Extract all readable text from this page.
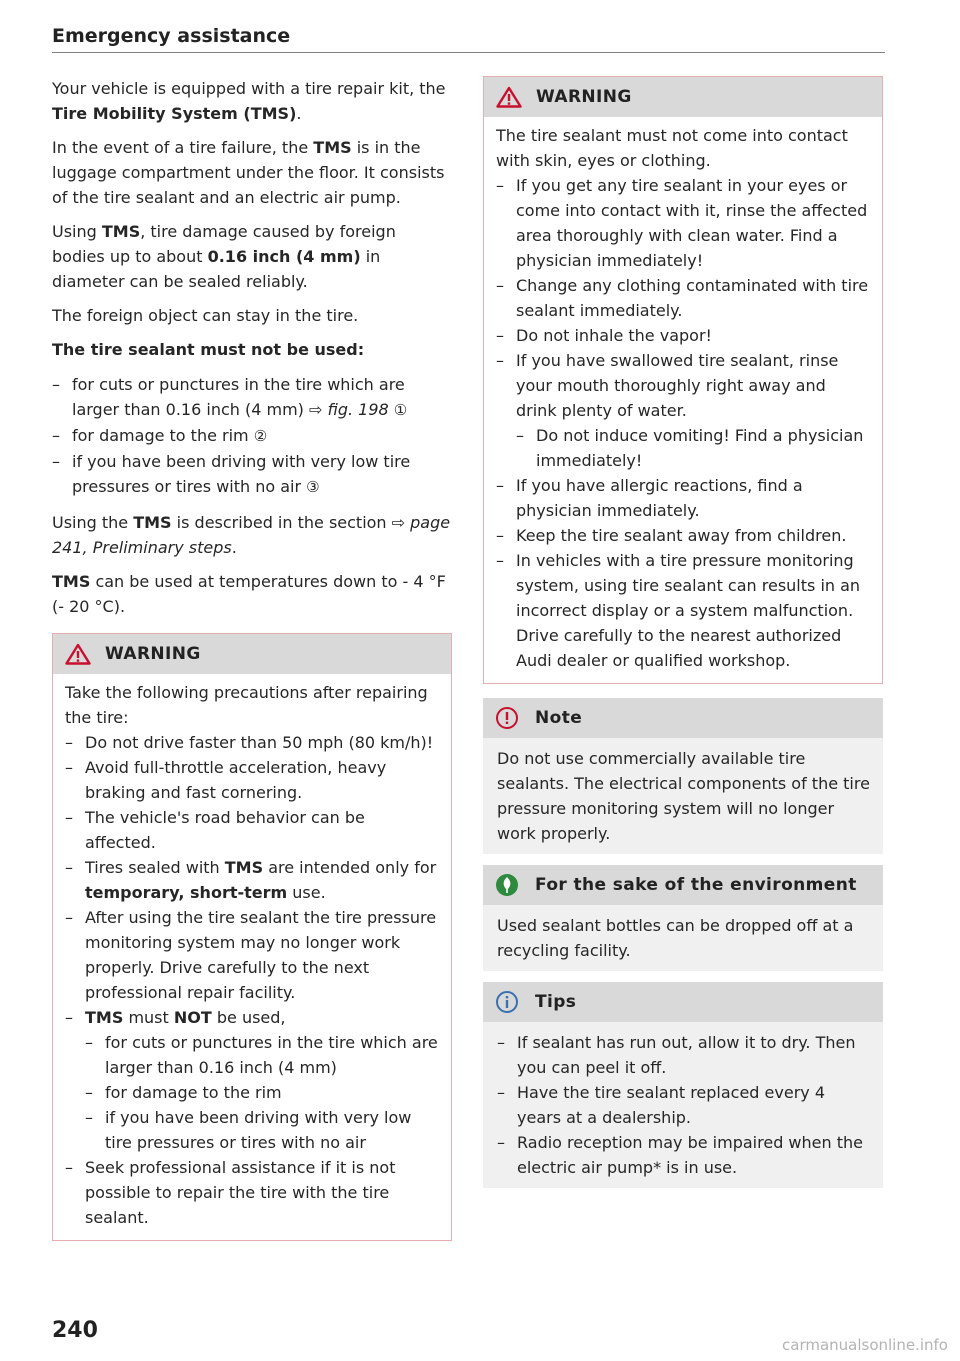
Emergency assistance

Your vehicle is equipped with a tire repair kit, the Tire Mobility System (TMS).

In the event of a tire failure, the TMS is in the luggage compartment under the floor. It consists of the tire sealant and an electric air pump.

Using TMS, tire damage caused by foreign bodies up to about 0.16 inch (4 mm) in diameter can be sealed reliably.

The foreign object can stay in the tire.

The tire sealant must not be used:
– for cuts or punctures in the tire which are larger than 0.16 inch (4 mm) ⇨ fig. 198 ①
– for damage to the rim ②
– if you have been driving with very low tire pressures or tires with no air ③

Using the TMS is described in the section ⇨ page 241, Preliminary steps.

TMS can be used at temperatures down to - 4 °F (- 20 °C).

WARNING

Take the following precautions after repairing the tire:

– Do not drive faster than 50 mph (80 km/h)!
– Avoid full-throttle acceleration, heavy braking and fast cornering.
– The vehicle's road behavior can be affected.
– Tires sealed with TMS are intended only for temporary, short-term use.
– After using the tire sealant the tire pressure monitoring system may no longer work properly. Drive carefully to the next professional repair facility.
– TMS must NOT be used,
– for cuts or punctures in the tire which are larger than 0.16 inch (4 mm)
– for damage to the rim
– if you have been driving with very low tire pressures or tires with no air
– Seek professional assistance if it is not possible to repair the tire with the tire sealant.
WARNING

The tire sealant must not come into contact with skin, eyes or clothing.

– If you get any tire sealant in your eyes or come into contact with it, rinse the affected area thoroughly with clean water. Find a physician immediately!
– Change any clothing contaminated with tire sealant immediately.
– Do not inhale the vapor!
– If you have swallowed tire sealant, rinse your mouth thoroughly right away and drink plenty of water.
– Do not induce vomiting! Find a physician immediately!
– If you have allergic reactions, find a physician immediately.
– Keep the tire sealant away from children.
– In vehicles with a tire pressure monitoring system, using tire sealant can results in an incorrect display or a system malfunction. Drive carefully to the nearest authorized Audi dealer or qualified workshop.
Note

Do not use commercially available tire sealants. The electrical components of the tire pressure monitoring system will no longer work properly.

For the sake of the environment

Used sealant bottles can be dropped off at a recycling facility.

Tips
– If sealant has run out, allow it to dry. Then you can peel it off.
– Have the tire sealant replaced every 4 years at a dealership.
– Radio reception may be impaired when the electric air pump* is in use.
240
carmanualsonline.info
